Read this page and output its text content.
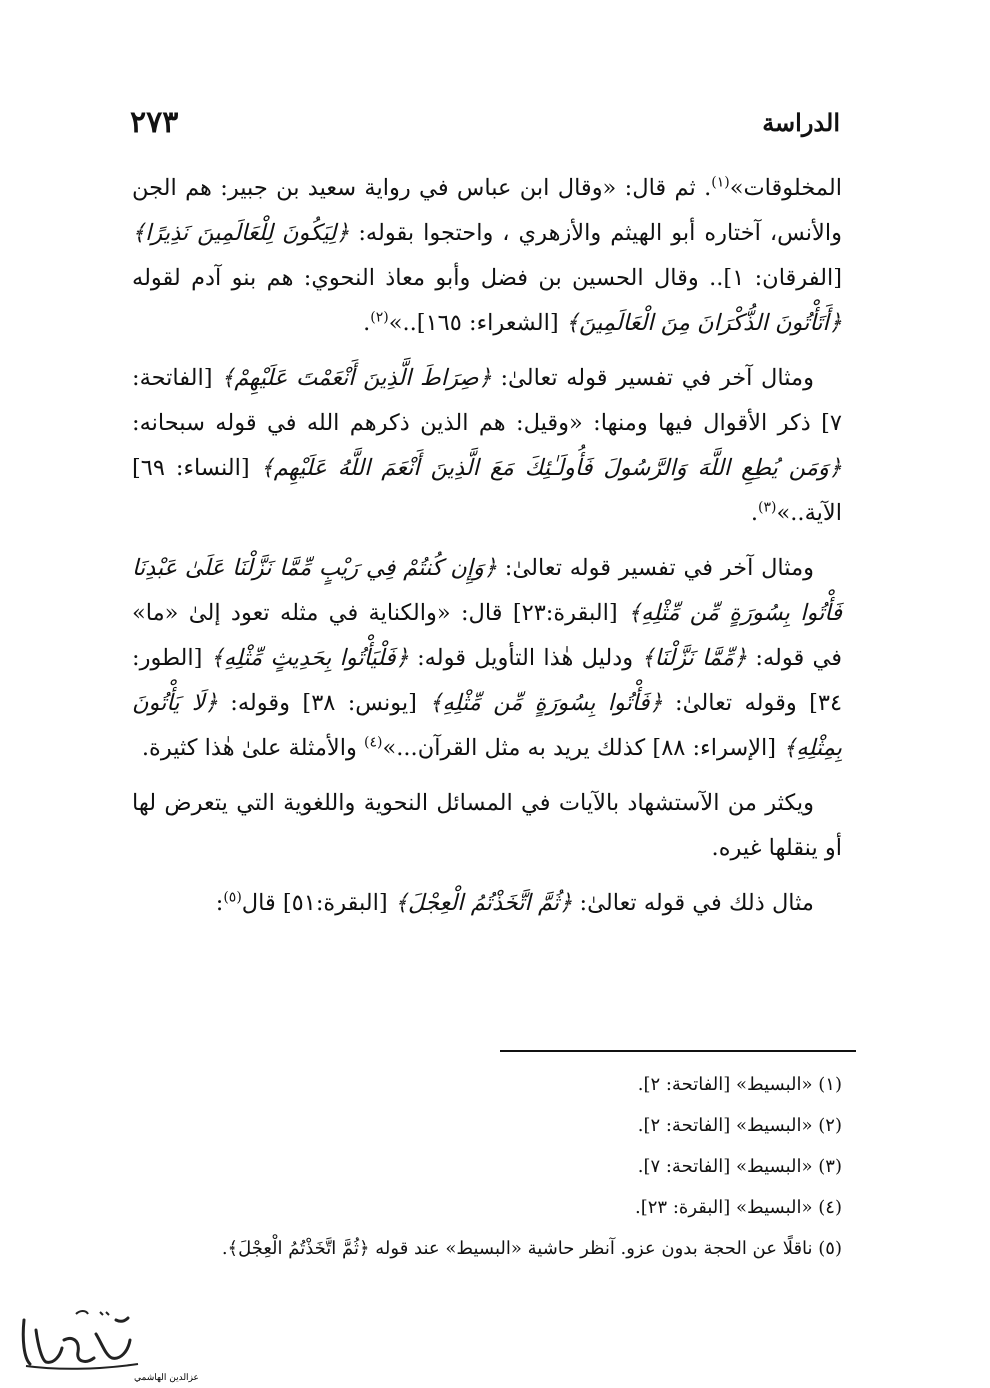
الدراسة
٢٧٣

المخلوقات»$^{(١)}$. ثم قال: «وقال ابن عباس في رواية سعيد بن جبير: هم الجن والأنس، آختاره أبو الهيثم والأزهري ، واحتجوا بقوله: ﴿لِيَكُونَ لِلْعَالَمِينَ نَذِيرًا﴾ [الفرقان: ١].. وقال الحسين بن فضل وأبو معاذ النحوي: هم بنو آدم لقوله ﴿أَتَأْتُونَ الذُّكْرَانَ مِنَ الْعَالَمِينَ﴾ [الشعراء: ١٦٥]..»$^{(٢)}$.

ومثال آخر في تفسير قوله تعالىٰ: ﴿صِرَاطَ الَّذِينَ أَنْعَمْتَ عَلَيْهِمْ﴾ [الفاتحة: ٧] ذكر الأقوال فيها ومنها: «وقيل: هم الذين ذكرهم الله في قوله سبحانه: ﴿وَمَن يُطِعِ اللَّهَ وَالرَّسُولَ فَأُولَـٰئِكَ مَعَ الَّذِينَ أَنْعَمَ اللَّهُ عَلَيْهِم﴾ [النساء: ٦٩] الآية..»$^{(٣)}$.

ومثال آخر في تفسير قوله تعالىٰ: ﴿وَإِن كُنتُمْ فِي رَيْبٍ مِّمَّا نَزَّلْنَا عَلَىٰ عَبْدِنَا فَأْتُوا بِسُورَةٍ مِّن مِّثْلِهِ﴾ [البقرة:٢٣] قال: «والكناية في مثله تعود إلىٰ «ما» في قوله: ﴿مِّمَّا نَزَّلْنَا﴾ ودليل هٰذا التأويل قوله: ﴿فَلْيَأْتُوا بِحَدِيثٍ مِّثْلِهِ﴾ [الطور: ٣٤] وقوله تعالىٰ: ﴿فَأْتُوا بِسُورَةٍ مِّن مِّثْلِهِ﴾ [يونس: ٣٨] وقوله: ﴿لَا يَأْتُونَ بِمِثْلِهِ﴾ [الإسراء: ٨٨] كذلك يريد به مثل القرآن...»$^{(٤)}$ والأمثلة علىٰ هٰذا كثيرة.

ويكثر من الآستشهاد بالآيات في المسائل النحوية واللغوية التي يتعرض لها أو ينقلها غيره.

مثال ذلك في قوله تعالىٰ: ﴿ثُمَّ اتَّخَذْتُمُ الْعِجْلَ﴾ [البقرة:٥١] قال$^{(٥)}$:

(١) «البسيط» [الفاتحة: ٢].
(٢) «البسيط» [الفاتحة: ٢].
(٣) «البسيط» [الفاتحة: ٧].
(٤) «البسيط» [البقرة: ٢٣].
(٥) ناقلًا عن الحجة بدون عزو. آنظر حاشية «البسيط» عند قوله ﴿ثُمَّ اتَّخَذْتُمُ الْعِجْلَ﴾.
عزالدين الهاشمي
